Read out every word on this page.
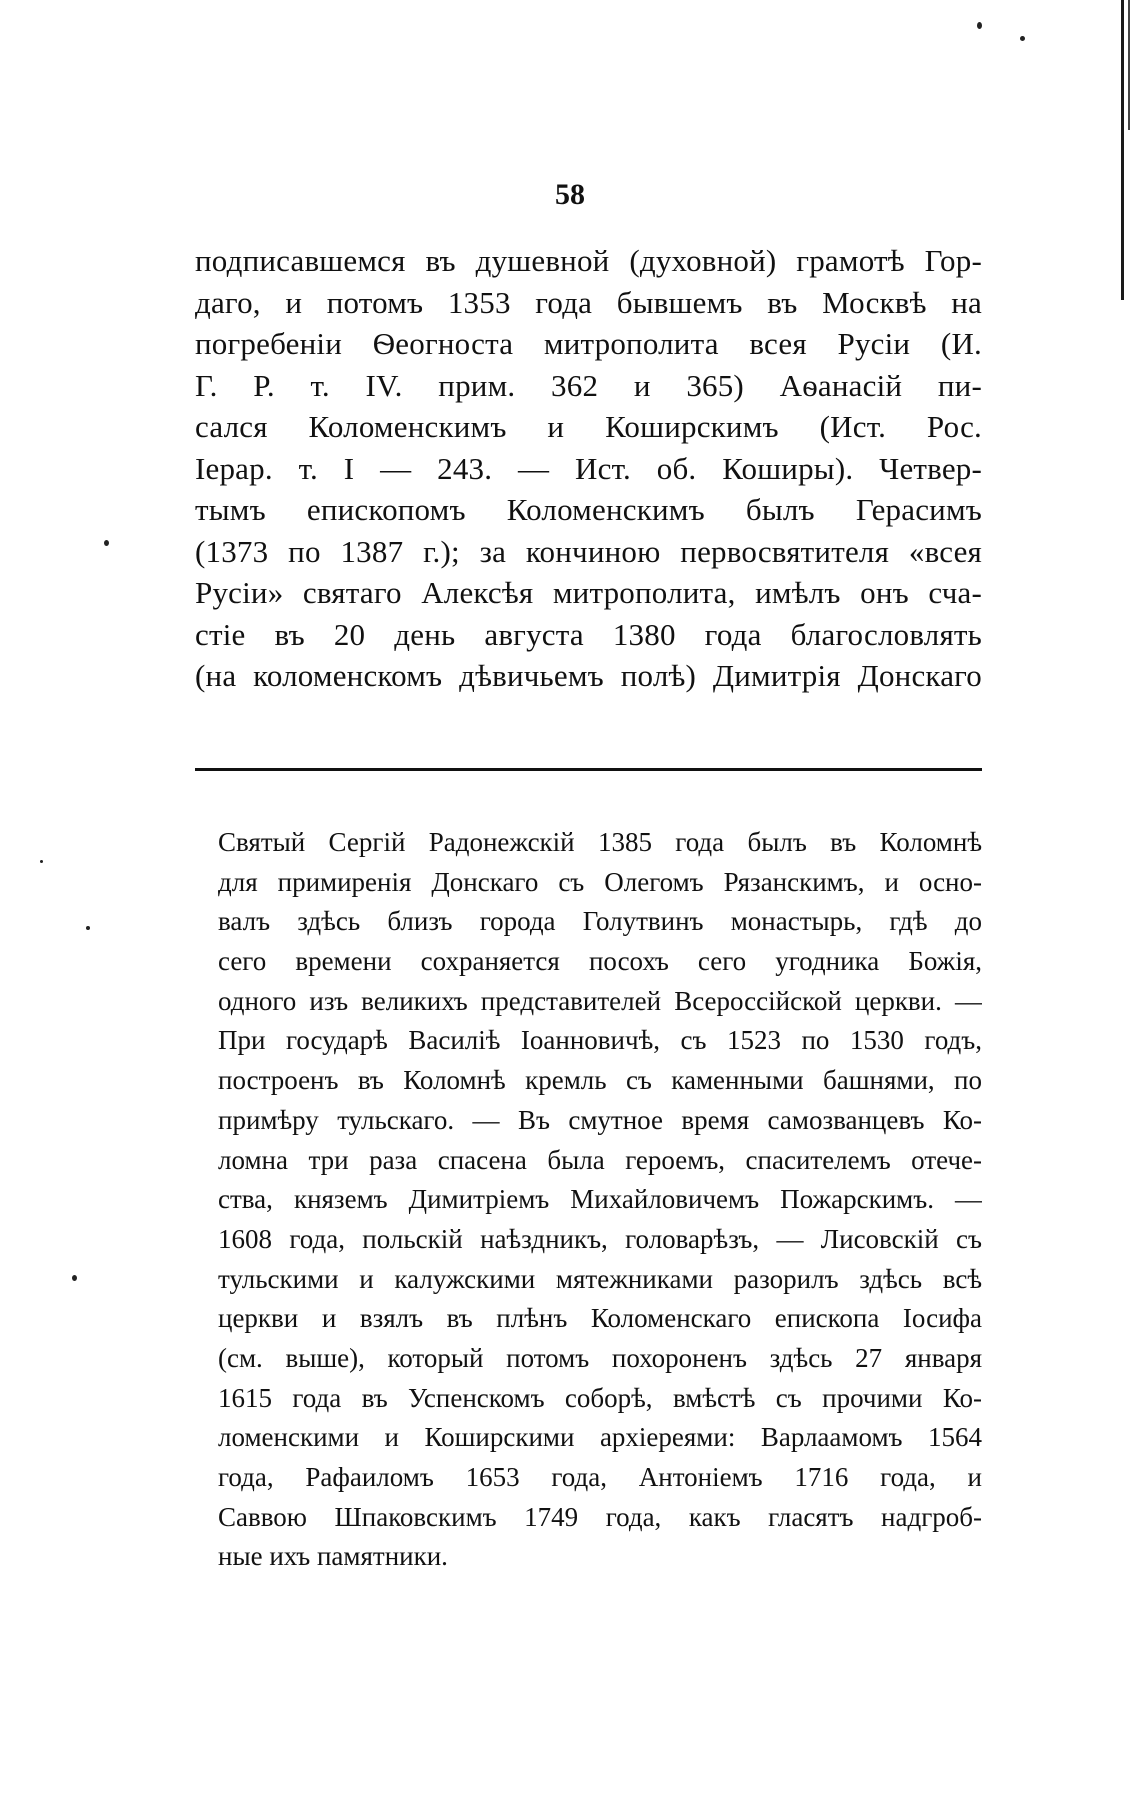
58
подписавшемся въ душевной (духовной) грамотѣ Гор-
даго, и потомъ 1353 года бывшемъ въ Москвѣ на
погребеніи Ѳеогноста митрополита всея Русіи (И.
Г. Р. т. IV. прим. 362 и 365) Аѳанасій пи-
сался Коломенскимъ и Коширскимъ (Ист. Рос.
Іерар. т. I — 243. — Ист. об. Коширы). Четвер-
тымъ епископомъ Коломенскимъ былъ Герасимъ
(1373 по 1387 г.); за кончиною первосвятителя «всея
Русіи» святаго Алексѣя митрополита, имѣлъ онъ сча-
стіе въ 20 день августа 1380 года благословлять
(на коломенскомъ дѣвичьемъ полѣ) Димитрія Донскаго
Святый Сергій Радонежскій 1385 года былъ въ Коломнѣ
для примиренія Донскаго съ Олегомъ Рязанскимъ, и осно-
валъ здѣсь близъ города Голутвинъ монастырь, гдѣ до
сего времени сохраняется посохъ сего угодника Божія,
одного изъ великихъ представителей Всероссійской церкви. —
При государѣ Василіѣ Іоанновичѣ, съ 1523 по 1530 годъ,
построенъ въ Коломнѣ кремль съ каменными башнями, по
примѣру тульскаго. — Въ смутное время самозванцевъ Ко-
ломна три раза спасена была героемъ, спасителемъ отече-
ства, княземъ Димитріемъ Михайловичемъ Пожарскимъ. —
1608 года, польскій наѣздникъ, головарѣзъ, — Лисовскій съ
тульскими и калужскими мятежниками разорилъ здѣсь всѣ
церкви и взялъ въ плѣнъ Коломенскаго епископа Іосифа
(см. выше), который потомъ похороненъ здѣсь 27 января
1615 года въ Успенскомъ соборѣ, вмѣстѣ съ прочими Ко-
ломенскими и Коширскими архіереями: Варлаамомъ 1564
года, Рафаиломъ 1653 года, Антоніемъ 1716 года, и
Саввою Шпаковскимъ 1749 года, какъ гласятъ надгроб-
ные ихъ памятники.
